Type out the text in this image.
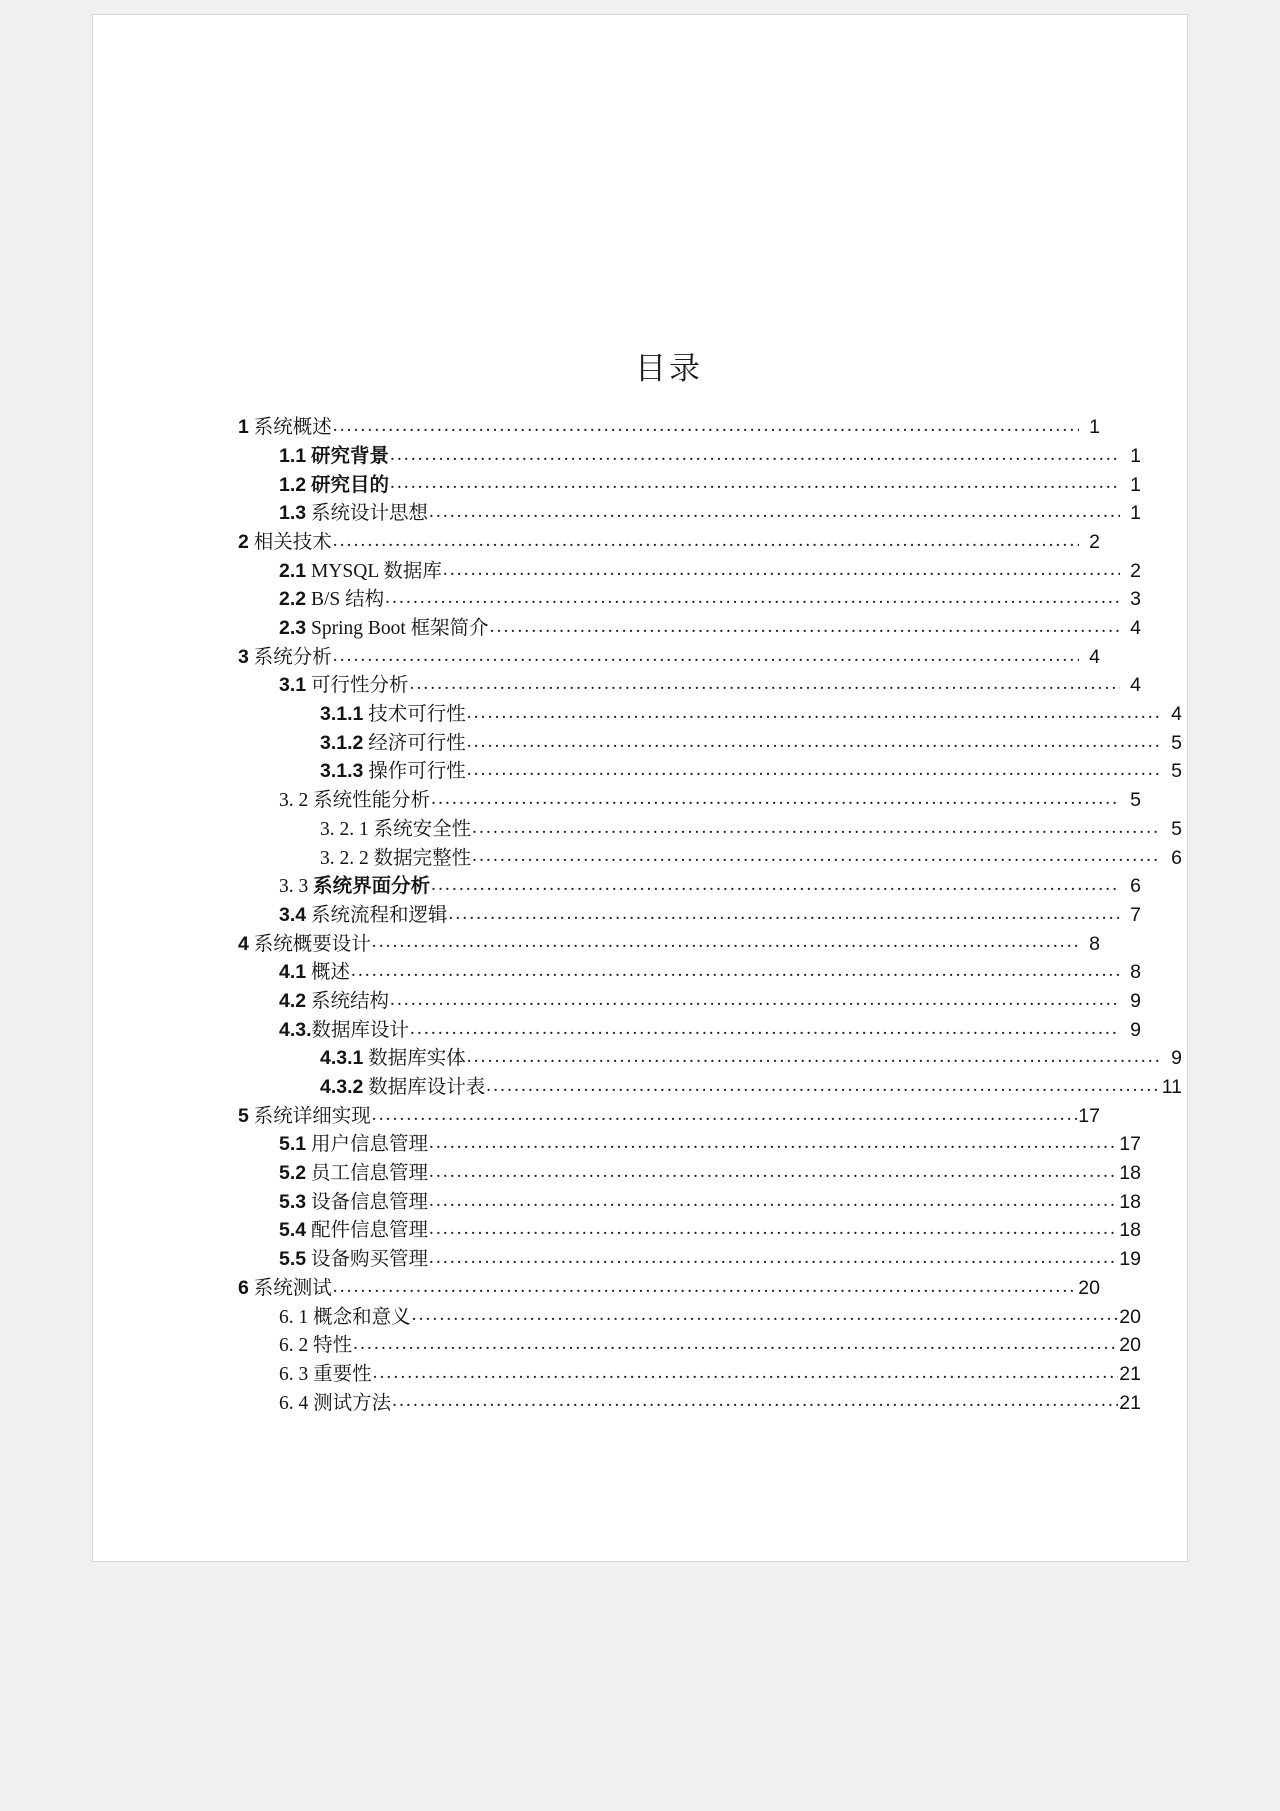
目录
1 系统概述 .....	1
1.1 研究背景 .....	1
1.2 研究目的 .....	1
1.3 系统设计思想 .....	1
2 相关技术 .....	2
2.1 MYSQL 数据库 .....	2
2.2 B/S 结构 .....	3
2.3 Spring Boot 框架简介 .....	4
3 系统分析 .....	4
3.1 可行性分析 .....	4
3.1.1 技术可行性 .....	4
3.1.2 经济可行性 .....	5
3.1.3 操作可行性 .....	5
3. 2 系统性能分析 .....	5
3. 2. 1 系统安全性 .....	5
3. 2. 2 数据完整性 .....	6
3. 3 系统界面分析 .....	6
3.4 系统流程和逻辑 .....	7
4 系统概要设计 .....	8
4.1 概述 .....	8
4.2 系统结构 .....	9
4.3.数据库设计 .....	9
4.3.1 数据库实体 .....	9
4.3.2 数据库设计表 .....	11
5 系统详细实现 .....	17
5.1 用户信息管理 .....	17
5.2 员工信息管理 .....	18
5.3 设备信息管理 .....	18
5.4 配件信息管理 .....	18
5.5 设备购买管理 .....	19
6 系统测试 .....	20
6. 1 概念和意义 .....	20
6. 2 特性 .....	20
6. 3 重要性 .....	21
6. 4 测试方法 .....	21
